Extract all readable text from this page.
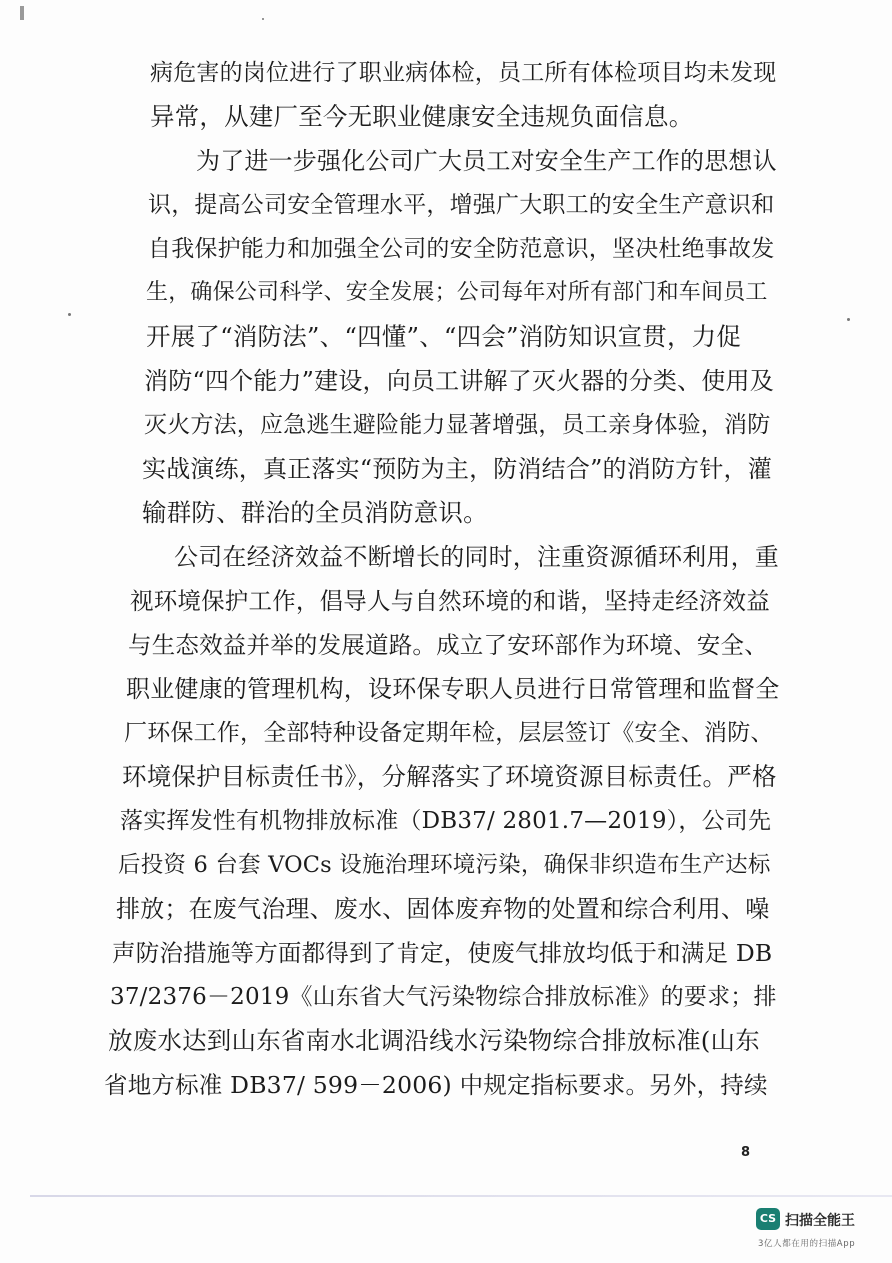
病危害的岗位进行了职业病体检，员工所有体检项目均未发现
异常，从建厂至今无职业健康安全违规负面信息。
为了进一步强化公司广大员工对安全生产工作的思想认
识，提高公司安全管理水平，增强广大职工的安全生产意识和
自我保护能力和加强全公司的安全防范意识，坚决杜绝事故发
生，确保公司科学、安全发展；公司每年对所有部门和车间员工
开展了“消防法”、“四懂”、“四会”消防知识宣贯，力促
消防“四个能力”建设，向员工讲解了灭火器的分类、使用及
灭火方法，应急逃生避险能力显著增强，员工亲身体验，消防
实战演练，真正落实“预防为主，防消结合”的消防方针，灌
输群防、群治的全员消防意识。
公司在经济效益不断增长的同时，注重资源循环利用，重
视环境保护工作，倡导人与自然环境的和谐，坚持走经济效益
与生态效益并举的发展道路。成立了安环部作为环境、安全、
职业健康的管理机构，设环保专职人员进行日常管理和监督全
厂环保工作，全部特种设备定期年检，层层签订《安全、消防、
环境保护目标责任书》，分解落实了环境资源目标责任。严格
落实挥发性有机物排放标准（DB37/ 2801.7—2019），公司先
后投资 6 台套 VOCs 设施治理环境污染，确保非织造布生产达标
排放；在废气治理、废水、固体废弃物的处置和综合利用、噪
声防治措施等方面都得到了肯定，使废气排放均低于和满足 DB
37/2376－2019《山东省大气污染物综合排放标准》的要求；排
放废水达到山东省南水北调沿线水污染物综合排放标准(山东
省地方标准 DB37/ 599－2006) 中规定指标要求。另外，持续
8
CS 扫描全能王
3亿人都在用的扫描App
